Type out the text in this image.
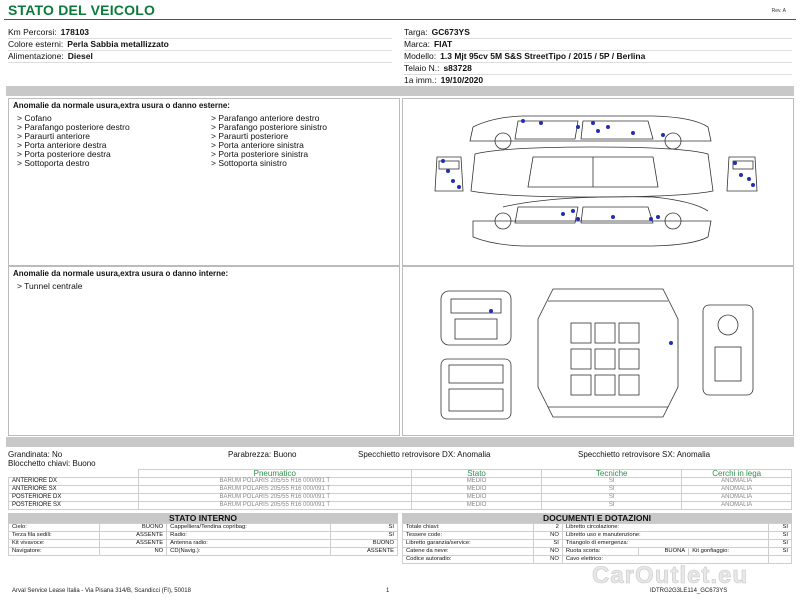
STATO DEL VEICOLO	Rev. A
Km Percorsi: 178103
Colore esterni: Perla Sabbia metallizzato
Alimentazione: Diesel
Targa: GC673YS
Marca: FIAT
Modello: 1.3 Mjt 95cv 5M S&S StreetTipo / 2015 / 5P / Berlina
Telaio N.: s83728
1a imm.: 19/10/2020
Anomalie da normale usura,extra usura o danno esterne:
> Cofano
> Parafango posteriore destro
> Paraurti anteriore
> Porta anteriore destra
> Porta posteriore destra
> Sottoporta destro
> Parafango anteriore destro
> Parafango posteriore sinistro
> Paraurti posteriore
> Porta anteriore sinistra
> Porta posteriore sinistra
> Sottoporta sinistro
Anomalie da normale usura,extra usura o danno interne:
> Tunnel centrale
Grandinata: No	Parabrezza: Buono	Specchietto retrovisore DX: Anomalia	Specchietto retrovisore SX: Anomalia
Blocchetto chiavi: Buono
	Pneumatico	Stato	Tecniche	Cerchi in lega
ANTERIORE DX	BARUM POLARIS 205/55 R16 000/091 T	MEDIO	SI	ANOMALIA
ANTERIORE SX	BARUM POLARIS 205/55 R16 000/091 T	MEDIO	SI	ANOMALIA
POSTERIORE DX	BARUM POLARIS 205/55 R16 000/091 T	MEDIO	SI	ANOMALIA
POSTERIORE SX	BARUM POLARIS 205/55 R16 000/091 T	MEDIO	SI	ANOMALIA
STATO INTERNO
Cielo:	BUONO	Cappelliera/Tendina copribag:	SI
Terza fila sedili:	ASSENTE	Radio:	SI
Kit vivavoce:	ASSENTE	Antenna radio:	BUONO
Navigatore:	NO	CD(Navig.):	ASSENTE
DOCUMENTI E DOTAZIONI
Totale chiavi:	2	Libretto circolazione:			SI
Tessere code:	NO	Libretto uso e manutenzione:			SI
Libretto garanzia/service:	SI	Triangolo di emergenza:			SI
Catene da neve:	NO	Ruota scorta:	BUONA	Kit gonfiaggio:	SI
Codice autoradio:	NO	Cavo elettrico:			
Arval Service Lease Italia - Via Pisana 314/B, Scandicci (FI), 50018	1	IDTRG2G3LE114_GC673YS
CarOutlet.eu
